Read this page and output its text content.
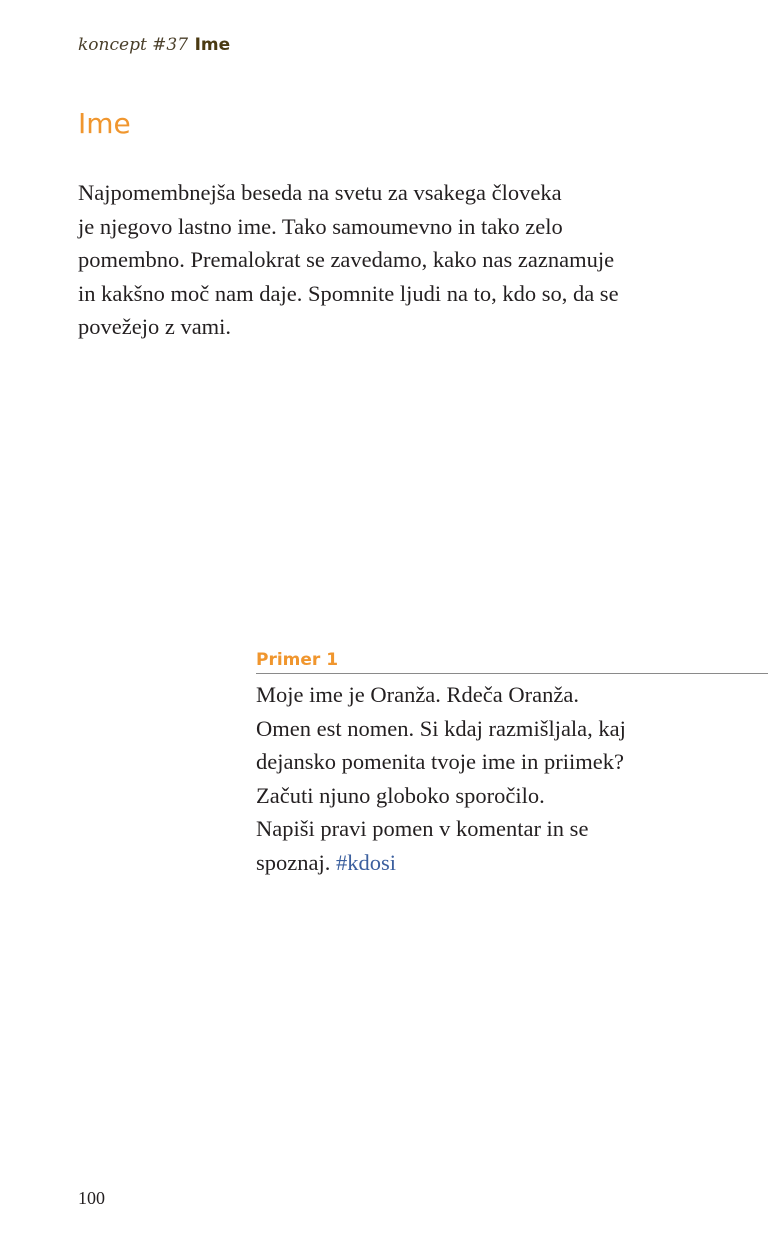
koncept #37 Ime
Ime
Najpomembnejša beseda na svetu za vsakega človeka
je njegovo lastno ime. Tako samoumevno in tako zelo
pomembno. Premalokrat se zavedamo, kako nas zaznamuje
in kakšno moč nam daje. Spomnite ljudi na to, kdo so, da se
povežejo z vami.
Primer 1
Moje ime je Oranža. Rdeča Oranža.
Omen est nomen. Si kdaj razmišljala, kaj
dejansko pomenita tvoje ime in priimek?
Začuti njuno globoko sporočilo.
Napiši pravi pomen v komentar in se
spoznaj. #kdosi
100
